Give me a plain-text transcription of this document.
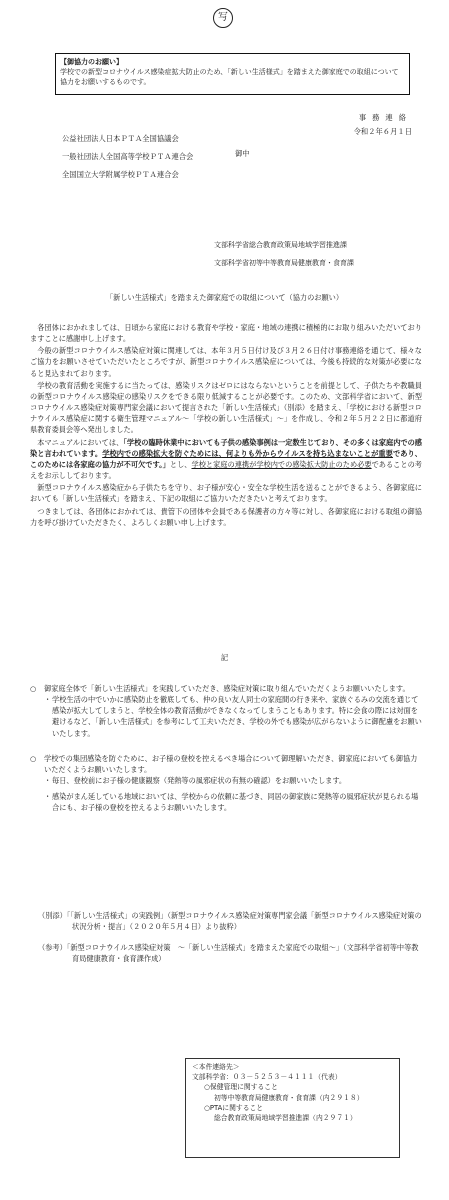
写
【御協力のお願い】
学校での新型コロナウイルス感染症拡大防止のため、「新しい生活様式」を踏まえた御家庭での取組について協力をお願いするものです。
事務連絡
令和２年６月１日
公益社団法人日本ＰＴＡ全国協議会
一般社団法人全国高等学校ＰＴＡ連合会
全国国立大学附属学校ＰＴＡ連合会
御中
文部科学省総合教育政策局地域学習推進課
文部科学省初等中等教育局健康教育・食育課
「新しい生活様式」を踏まえた御家庭での取組について（協力のお願い）

各団体におかれましては、日頃から家庭における教育や学校・家庭・地域の連携に積極的にお取り組みいただいておりますことに感謝申し上げます。

今般の新型コロナウイルス感染症対策に関連しては、本年３月５日付け及び３月２６日付け事務連絡を通じて、様々なご協力をお願いさせていただいたところですが、新型コロナウイルス感染症については、今後も持続的な対策が必要になると見込まれております。

学校の教育活動を実施するに当たっては、感染リスクはゼロにはならないということを前提として、子供たちや教職員の新型コロナウイルス感染症の感染リスクをできる限り低減することが必要です。このため、文部科学省において、新型コロナウイルス感染症対策専門家会議において提言された「新しい生活様式」（別添）を踏まえ、「学校における新型コロナウイルス感染症に関する衛生管理マニュアル～「学校の新しい生活様式」～」を作成し、令和２年５月２２日に都道府県教育委員会等へ発出しました。

本マニュアルにおいては、「学校の臨時休業中においても子供の感染事例は一定数生じており、その多くは家庭内での感染と言われています。学校内での感染拡大を防ぐためには、何よりも外からウイルスを持ち込まないことが重要であり、このためには各家庭の協力が不可欠です。」とし、学校と家庭の連携が学校内での感染拡大防止のため必要であることの考えをお示ししております。

新型コロナウイルス感染症から子供たちを守り、お子様が安心・安全な学校生活を送ることができるよう、各御家庭においても「新しい生活様式」を踏まえ、下記の取組にご協力いただきたいと考えております。

つきましては、各団体におかれては、貴管下の団体や会員である保護者の方々等に対し、各御家庭における取組の御協力を呼び掛けていただきたく、よろしくお願い申し上げます。

記
○ 御家庭全体で「新しい生活様式」を実践していただき、感染症対策に取り組んでいただくようお願いいたします。
・ 学校生活の中でいかに感染防止を徹底しても、仲の良い友人同士の家庭間の行き来や、家族ぐるみの交流を通じて感染が拡大してしまうと、学校全体の教育活動ができなくなってしまうこともあります。特に会食の際には対面を避けるなど、「新しい生活様式」を参考にして工夫いただき、学校の外でも感染が広がらないように御配慮をお願いいたします。
○ 学校での集団感染を防ぐために、お子様の登校を控えるべき場合について御理解いただき、御家庭においても御協力いただくようお願いいたします。
・ 毎日、登校前にお子様の健康観察（発熱等の風邪症状の有無の確認）をお願いいたします。
・ 感染がまん延している地域においては、学校からの依頼に基づき、同居の御家族に発熱等の風邪症状が見られる場合にも、お子様の登校を控えるようお願いいたします。

（別添）「「新しい生活様式」の実践例」（新型コロナウイルス感染症対策専門家会議「新型コロナウイルス感染症対策の状況分析・提言」（２０２０年５月４日）より抜粋）

（参考）「新型コロナウイルス感染症対策　～「新しい生活様式」を踏まえた家庭での取組～」（文部科学省初等中等教育局健康教育・食育課作成）

＜本件連絡先＞
文部科学省：０３－５２５３－４１１１（代表）
○保健管理に関すること
初等中等教育局健康教育・食育課（内２９１８）
○PTAに関すること
総合教育政策局地域学習推進課（内２９７１）
